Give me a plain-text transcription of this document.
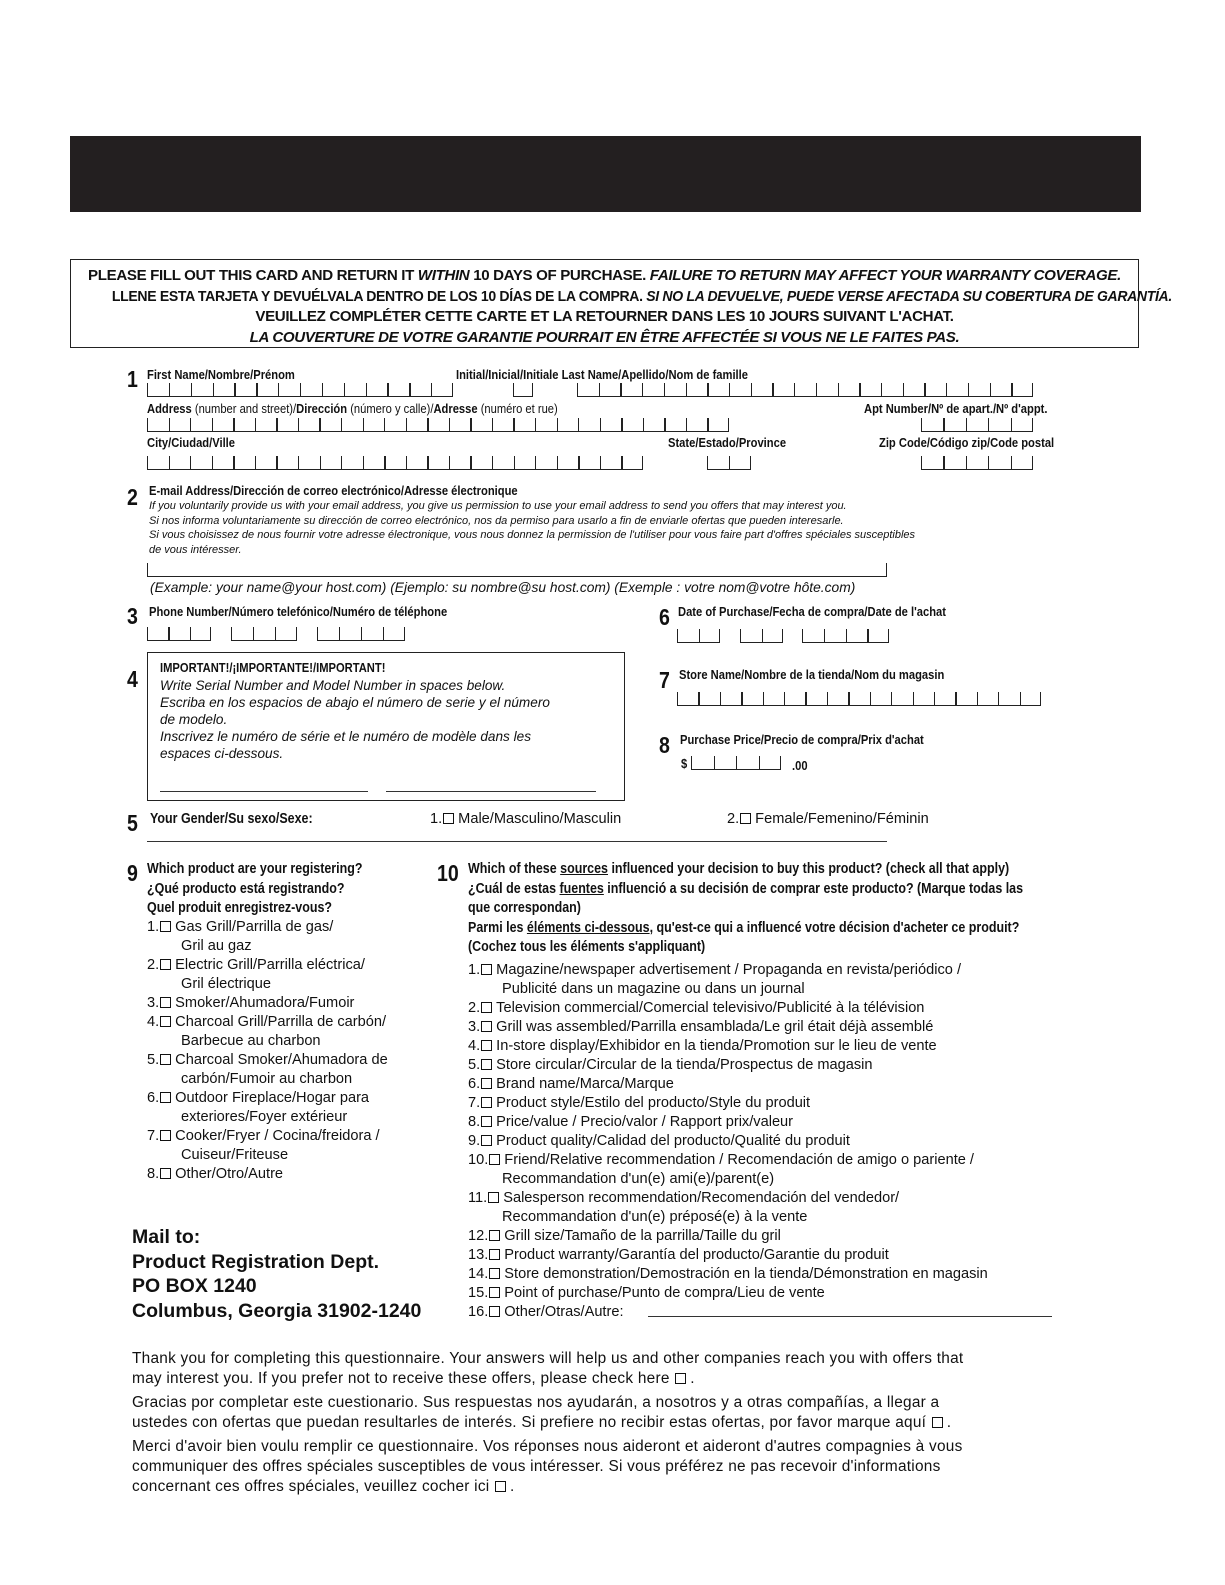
PLEASE FILL OUT THIS CARD AND RETURN IT WITHIN 10 DAYS OF PURCHASE. FAILURE TO RETURN MAY AFFECT YOUR WARRANTY COVERAGE.
LLENE ESTA TARJETA Y DEVUÉLVALA DENTRO DE LOS 10 DÍAS DE LA COMPRA. SI NO LA DEVUELVE, PUEDE VERSE AFECTADA SU COBERTURA DE GARANTÍA.
VEUILLEZ COMPLÉTER CETTE CARTE ET LA RETOURNER DANS LES 10 JOURS SUIVANT L'ACHAT.
LA COUVERTURE DE VOTRE GARANTIE POURRAIT EN ÊTRE AFFECTÉE SI VOUS NE LE FAITES PAS.
1 First Name/Nombre/Prénom	Initial/Inicial/Initiale Last Name/Apellido/Nom de famille
Address (number and street)/Dirección (número y calle)/Adresse (numéro et rue)	Apt Number/Nº de apart./Nº d'appt.
City/Ciudad/Ville	State/Estado/Province	Zip Code/Código zip/Code postal
2 E-mail Address/Dirección de correo electrónico/Adresse électronique
If you voluntarily provide us with your email address, you give us permission to use your email address to send you offers that may interest you.
Si nos informa voluntariamente su dirección de correo electrónico, nos da permiso para usarlo a fin de enviarle ofertas que pueden interesarle.
Si vous choisissez de nous fournir votre adresse électronique, vous nous donnez la permission de l'utiliser pour vous faire part d'offres spéciales susceptibles
de vous intéresser.
(Example: your name@your host.com) (Ejemplo: su nombre@su host.com) (Exemple : votre nom@votre hôte.com)
3 Phone Number/Número telefónico/Numéro de téléphone	6 Date of Purchase/Fecha de compra/Date de l'achat
4 IMPORTANT!/¡IMPORTANTE!/IMPORTANT!
Write Serial Number and Model Number in spaces below.
Escriba en los espacios de abajo el número de serie y el número
de modelo.
Inscrivez le numéro de série et le numéro de modèle dans les
espaces ci-dessous.
7 Store Name/Nombre de la tienda/Nom du magasin
8 Purchase Price/Precio de compra/Prix d'achat
$	.00
5 Your Gender/Su sexo/Sexe:	1. Male/Masculino/Masculin	2. Female/Femenino/Féminin
9 Which product are your registering?
¿Qué producto está registrando?
Quel produit enregistrez-vous?
1. Gas Grill/Parrilla de gas/
Gril au gaz
2. Electric Grill/Parrilla eléctrica/
Gril électrique
3. Smoker/Ahumadora/Fumoir
4. Charcoal Grill/Parrilla de carbón/
Barbecue au charbon
5. Charcoal Smoker/Ahumadora de
carbón/Fumoir au charbon
6. Outdoor Fireplace/Hogar para
exteriores/Foyer extérieur
7. Cooker/Fryer / Cocina/freidora /
Cuiseur/Friteuse
8. Other/Otro/Autre
10 Which of these sources influenced your decision to buy this product? (check all that apply)
¿Cuál de estas fuentes influenció a su decisión de comprar este producto? (Marque todas las
que correspondan)
Parmi les éléments ci-dessous, qu'est-ce qui a influencé votre décision d'acheter ce produit?
(Cochez tous les éléments s'appliquant)
1. Magazine/newspaper advertisement / Propaganda en revista/periódico /
Publicité dans un magazine ou dans un journal
2. Television commercial/Comercial televisivo/Publicité à la télévision
3. Grill was assembled/Parrilla ensamblada/Le gril était déjà assemblé
4. In-store display/Exhibidor en la tienda/Promotion sur le lieu de vente
5. Store circular/Circular de la tienda/Prospectus de magasin
6. Brand name/Marca/Marque
7. Product style/Estilo del producto/Style du produit
8. Price/value / Precio/valor / Rapport prix/valeur
9. Product quality/Calidad del producto/Qualité du produit
10. Friend/Relative recommendation / Recomendación de amigo o pariente /
Recommandation d'un(e) ami(e)/parent(e)
11. Salesperson recommendation/Recomendación del vendedor/
Recommandation d'un(e) préposé(e) à la vente
12. Grill size/Tamaño de la parrilla/Taille du gril
13. Product warranty/Garantía del producto/Garantie du produit
14. Store demonstration/Demostración en la tienda/Démonstration en magasin
15. Point of purchase/Punto de compra/Lieu de vente
16. Other/Otras/Autre:
Mail to:
Product Registration Dept.
PO BOX 1240
Columbus, Georgia 31902-1240

Thank you for completing this questionnaire. Your answers will help us and other companies reach you with offers that
may interest you. If you prefer not to receive these offers, please check here .

Gracias por completar este cuestionario. Sus respuestas nos ayudarán, a nosotros y a otras compañías, a llegar a
ustedes con ofertas que puedan resultarles de interés. Si prefiere no recibir estas ofertas, por favor marque aquí .

Merci d'avoir bien voulu remplir ce questionnaire. Vos réponses nous aideront et aideront d'autres compagnies à vous
communiquer des offres spéciales susceptibles de vous intéresser. Si vous préférez ne pas recevoir d'informations
concernant ces offres spéciales, veuillez cocher ici .
